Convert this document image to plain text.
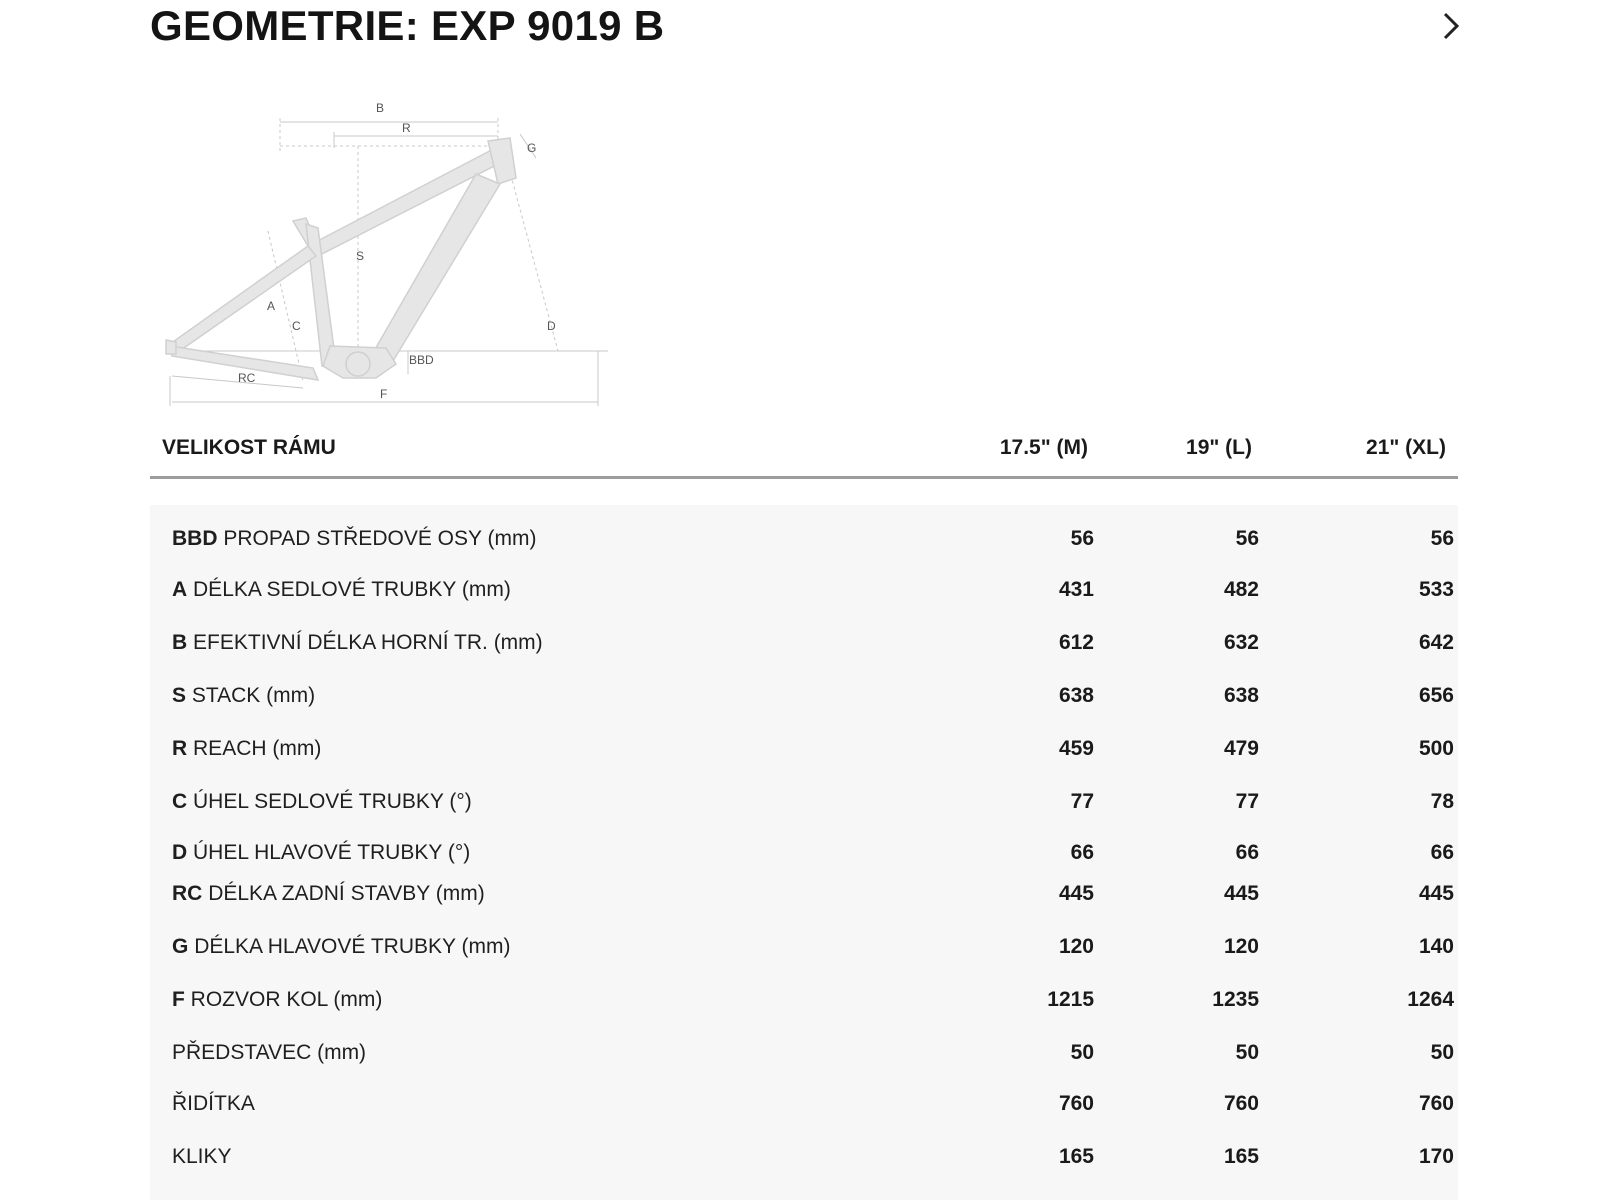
GEOMETRIE: EXP 9019 B
B
R
G
S
A
C	D
BBD
RC
F
VELIKOST RÁMU	17.5" (M)	19" (L)	21" (XL)
BBD PROPAD STŘEDOVÉ OSY (mm)	56	56	56
A DÉLKA SEDLOVÉ TRUBKY (mm)	431	482	533
B EFEKTIVNÍ DÉLKA HORNÍ TR. (mm)	612	632	642
S STACK (mm)	638	638	656
R REACH (mm)	459	479	500
C ÚHEL SEDLOVÉ TRUBKY (°)	77	77	78
D ÚHEL HLAVOVÉ TRUBKY (°)	66	66	66
RC DÉLKA ZADNÍ STAVBY (mm)	445	445	445
G DÉLKA HLAVOVÉ TRUBKY (mm)	120	120	140
F ROZVOR KOL (mm)	1215	1235	1264
PŘEDSTAVEC (mm)	50	50	50
ŘIDÍTKA	760	760	760
KLIKY	165	165	170
